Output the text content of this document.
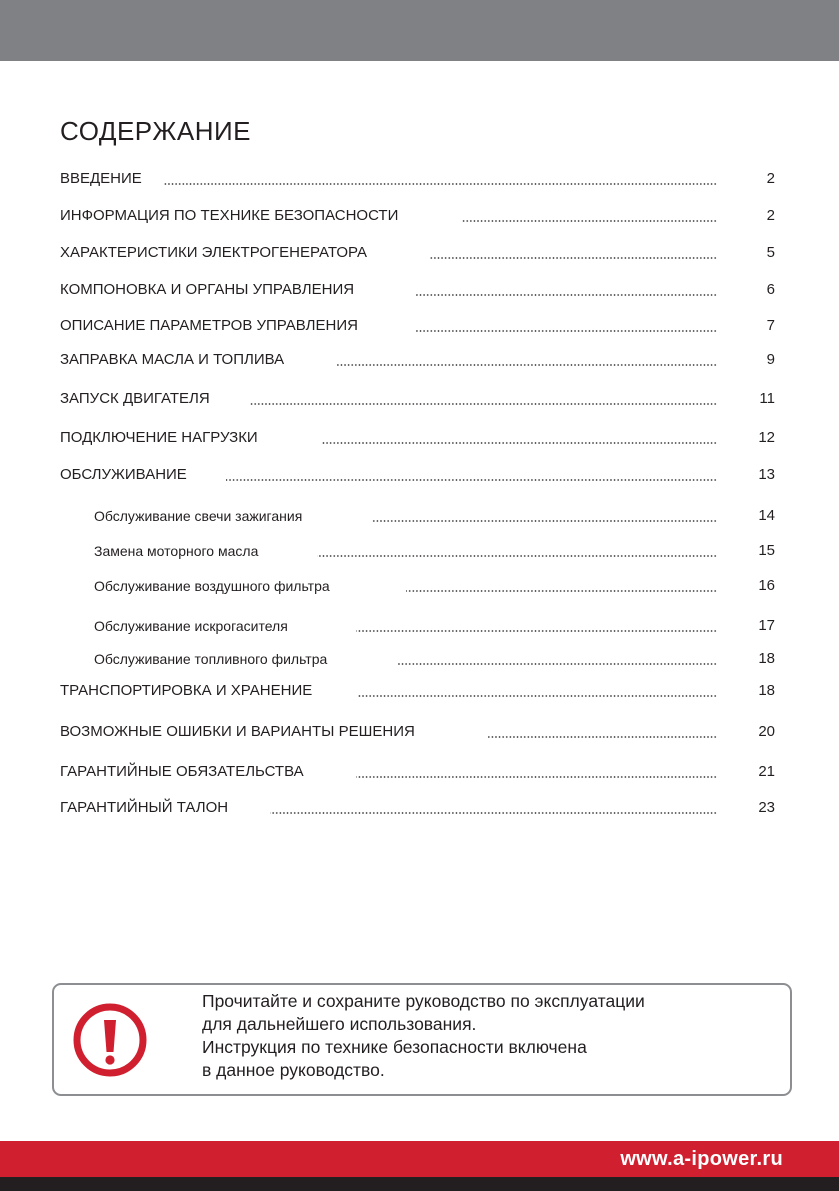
СОДЕРЖАНИЕ
ВВЕДЕНИЕ	2
ИНФОРМАЦИЯ ПО ТЕХНИКЕ БЕЗОПАСНОСТИ	2
ХАРАКТЕРИСТИКИ ЭЛЕКТРОГЕНЕРАТОРА	5
КОМПОНОВКА И ОРГАНЫ УПРАВЛЕНИЯ	6
ОПИСАНИЕ ПАРАМЕТРОВ УПРАВЛЕНИЯ	7
ЗАПРАВКА МАСЛА И ТОПЛИВА	9
ЗАПУСК ДВИГАТЕЛЯ	11
ПОДКЛЮЧЕНИЕ НАГРУЗКИ	12
ОБСЛУЖИВАНИЕ	13
Обслуживание свечи зажигания	14
Замена моторного масла	15
Обслуживание воздушного фильтра	16
Обслуживание искрогасителя	17
Обслуживание топливного фильтра	18
ТРАНСПОРТИРОВКА И ХРАНЕНИЕ	18
ВОЗМОЖНЫЕ ОШИБКИ И ВАРИАНТЫ РЕШЕНИЯ	20
ГАРАНТИЙНЫЕ ОБЯЗАТЕЛЬСТВА	21
ГАРАНТИЙНЫЙ ТАЛОН	23
Прочитайте и сохраните руководство по эксплуатации
для дальнейшего использования.
Инструкция по технике безопасности включена
в данное руководство.
www.a-ipower.ru
